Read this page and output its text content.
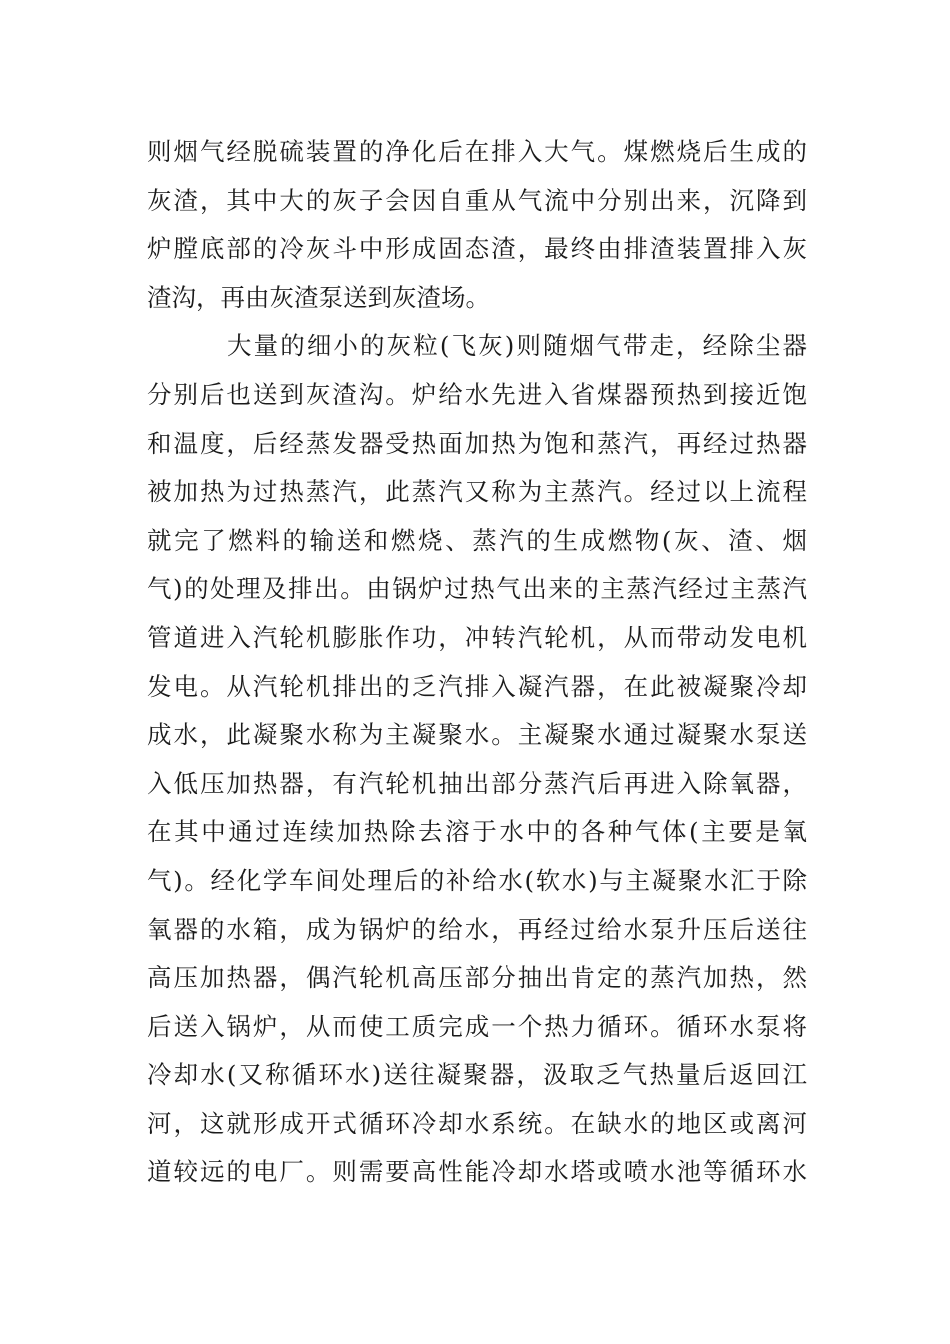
则烟气经脱硫装置的净化后在排入大气。煤燃烧后生成的
灰渣，其中大的灰子会因自重从气流中分别出来，沉降到
炉膛底部的冷灰斗中形成固态渣，最终由排渣装置排入灰
渣沟，再由灰渣泵送到灰渣场。
大量的细小的灰粒(飞灰)则随烟气带走，经除尘器
分别后也送到灰渣沟。炉给水先进入省煤器预热到接近饱
和温度，后经蒸发器受热面加热为饱和蒸汽，再经过热器
被加热为过热蒸汽，此蒸汽又称为主蒸汽。经过以上流程
就完了燃料的输送和燃烧、蒸汽的生成燃物(灰、渣、烟
气)的处理及排出。由锅炉过热气出来的主蒸汽经过主蒸汽
管道进入汽轮机膨胀作功，冲转汽轮机，从而带动发电机
发电。从汽轮机排出的乏汽排入凝汽器，在此被凝聚冷却
成水，此凝聚水称为主凝聚水。主凝聚水通过凝聚水泵送
入低压加热器，有汽轮机抽出部分蒸汽后再进入除氧器，
在其中通过连续加热除去溶于水中的各种气体(主要是氧
气)。经化学车间处理后的补给水(软水)与主凝聚水汇于除
氧器的水箱，成为锅炉的给水，再经过给水泵升压后送往
高压加热器，偶汽轮机高压部分抽出肯定的蒸汽加热，然
后送入锅炉，从而使工质完成一个热力循环。循环水泵将
冷却水(又称循环水)送往凝聚器，汲取乏气热量后返回江
河，这就形成开式循环冷却水系统。在缺水的地区或离河
道较远的电厂。则需要高性能冷却水塔或喷水池等循环水
